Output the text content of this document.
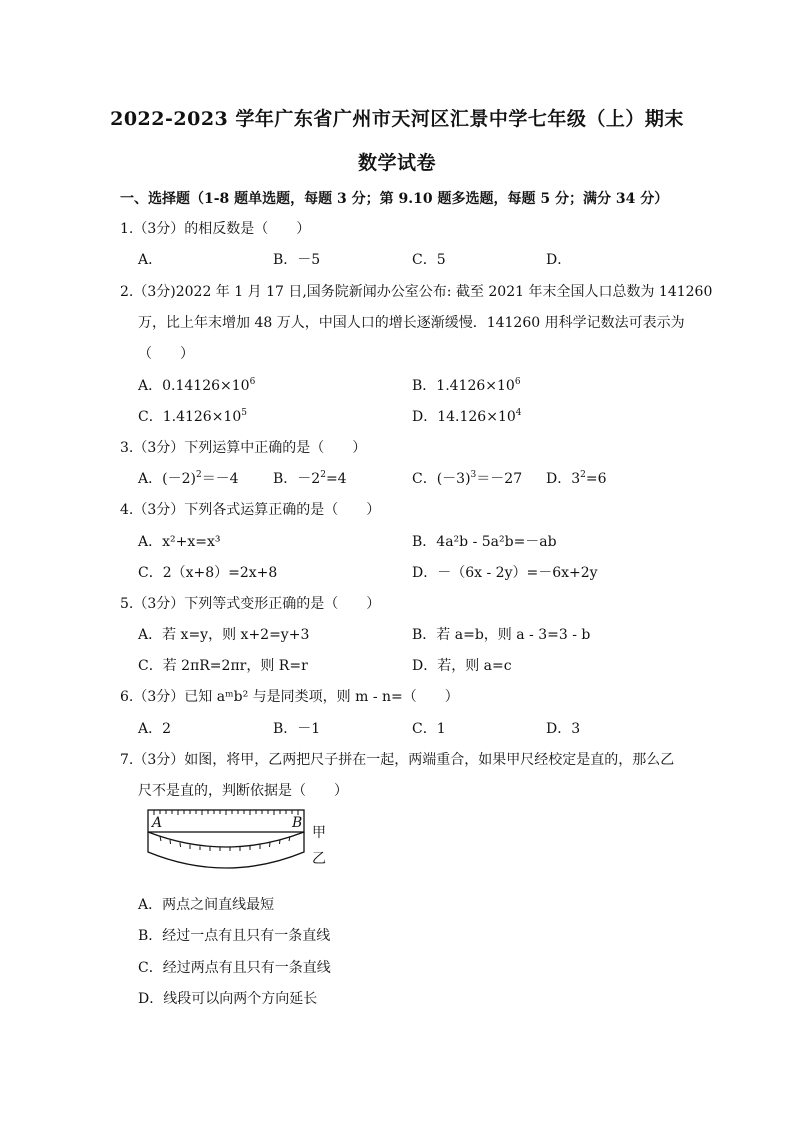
2022-2023 学年广东省广州市天河区汇景中学七年级（上）期末
数学试卷
一、选择题（1-8 题单选题，每题 3 分；第 9.10 题多选题，每题 5 分；满分 34 分）
1.（3分）的相反数是（　　）
A．	B．－5	C．5	D．
2.（3分)2022 年 1 月 17 日,国务院新闻办公室公布: 截至 2021 年末全国人口总数为 141260
万，比上年末增加 48 万人，中国人口的增长逐渐缓慢．141260 用科学记数法可表示为
（　　）
A．$0.14126\times 10^6$	B．$1.4126\times 10^6$
C．$1.4126\times 10^5$	D．$14.126\times 10^4$
3.（3分）下列运算中正确的是（　　）
A．$(-2)^2=-4$ B．$-2^2=4$	C．$(-3)^3=-27$ D．$3^2=6$
4.（3分）下列各式运算正确的是（　　）
A．x²+x=x³	B．4a²b - 5a²b=－ab
C．2（x+8）=2x+8	D．－（6x - 2y）=－6x+2y
5.（3分）下列等式变形正确的是（　　）
A．若 x=y，则 x+2=y+3	B．若 a=b，则 a - 3=3 - b
C．若 2πR=2πr，则 R=r	D．若，则 a=c
6.（3分）已知 aᵐb² 与是同类项，则 m - n=（　　）
A．2	B．－1	C．1	D．3
7.（3分）如图，将甲，乙两把尺子拼在一起，两端重合，如果甲尺经校定是直的，那么乙
尺不是直的，判断依据是（　　）
A	B
甲
乙
A．两点之间直线最短
B．经过一点有且只有一条直线
C．经过两点有且只有一条直线
D．线段可以向两个方向延长
